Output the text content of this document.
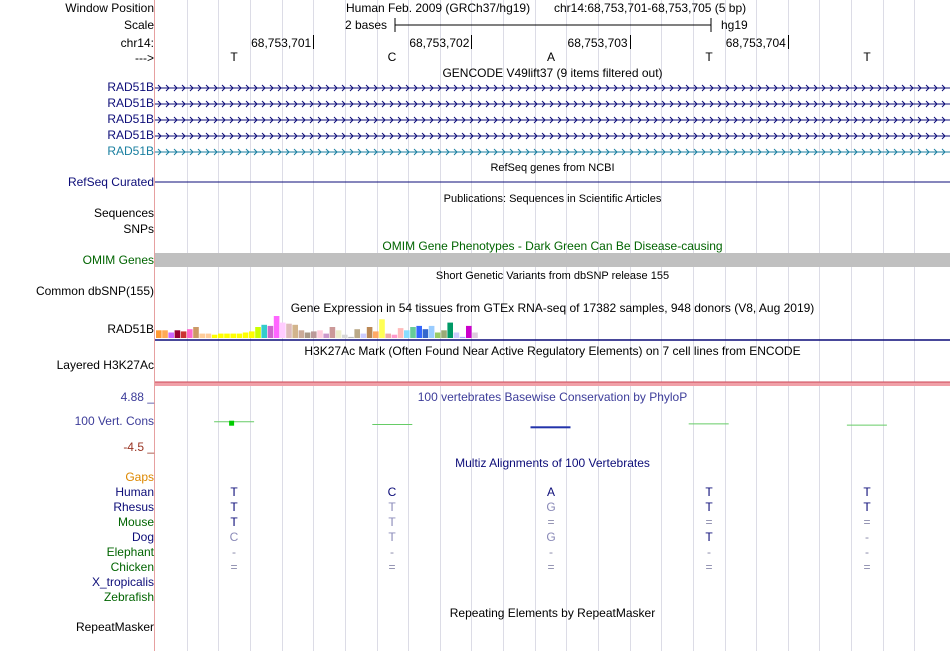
Window Position
Scale
chr14:
--->
Human Feb. 2009 (GRCh37/hg19) chr14:68,753,701-68,753,705 (5 bp)
2 bases	hg19
68,753,701	68,753,702	68,753,703	68,753,704
T	C	A	T	T
GENCODE V49lift37 (9 items filtered out)
RAD51B
RAD51B
RAD51B
RAD51B
RAD51B
RefSeq genes from NCBI
RefSeq Curated
Publications: Sequences in Scientific Articles
Sequences
SNPs
OMIM Gene Phenotypes - Dark Green Can Be Disease-causing
OMIM Genes
Short Genetic Variants from dbSNP release 155
Common dbSNP(155)
Gene Expression in 54 tissues from GTEx RNA-seq of 17382 samples, 948 donors (V8, Aug 2019)
RAD51B
H3K27Ac Mark (Often Found Near Active Regulatory Elements) on 7 cell lines from ENCODE
Layered H3K27Ac
100 vertebrates Basewise Conservation by PhyloP
4.88 _
100 Vert. Cons
-4.5 _
Multiz Alignments of 100 Vertebrates
Gaps
Human	T	C	A	T	T
Rhesus	T	T	G	T	T
Mouse	T	T	=	=	=
Dog	C	T	G	T	-
Elephant	-	-	-	-	-
Chicken	=	=	=	=	=
X_tropicalis
Zebrafish
Repeating Elements by RepeatMasker
RepeatMasker
